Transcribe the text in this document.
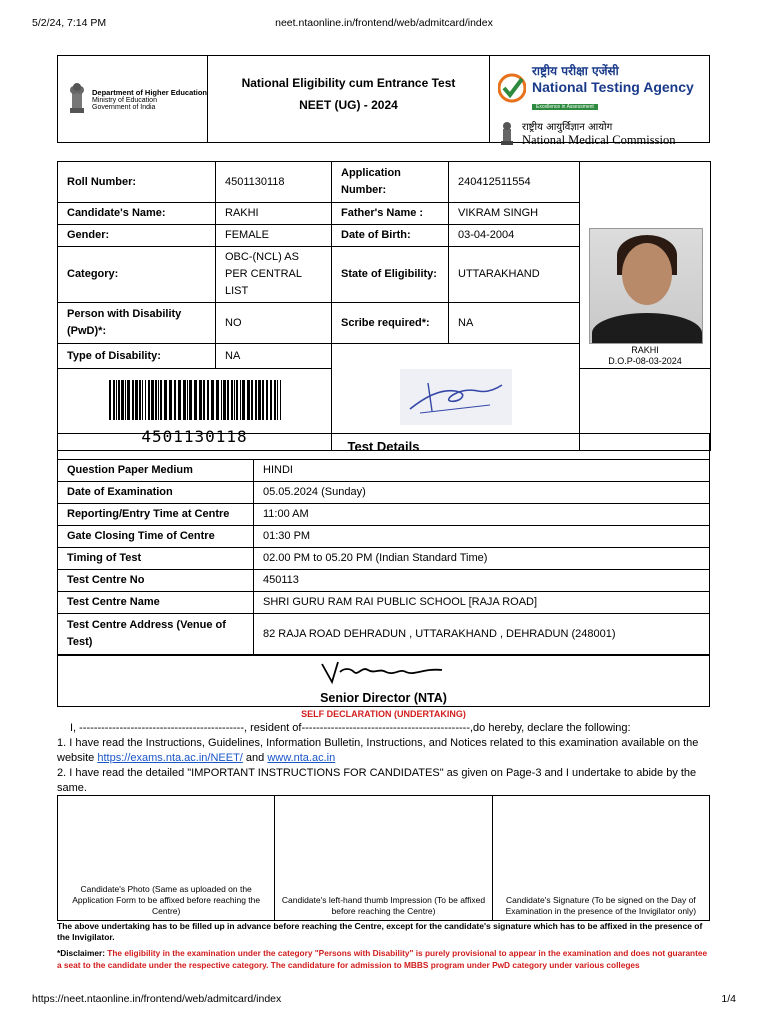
5/2/24, 7:14 PM	neet.ntaonline.in/frontend/web/admitcard/index
Department of Higher Education
Ministry of Education
Government of India
National Eligibility cum Entrance Test
NEET (UG) - 2024
राष्ट्रीय परीक्षा एजेंसी
National Testing Agency
Excellence in Assessment
राष्ट्रीय आयुर्विज्ञान आयोग
National Medical Commission
Roll Number:	4501130118	Application Number:	240412511554	RAKHI
D.O.P-08-03-2024	

Candidate's Name:	RAKHI	Father's Name :	VIKRAM SINGH		
Gender:	FEMALE	Date of Birth:	03-04-2004		
Category:	OBC-(NCL) AS PER CENTRAL LIST	State of Eligibility:	UTTARAKHAND		
Person with Disability (PwD)*:	NO	Scribe required*:	NA		
Type of Disability:	NA	

4501130118					

Test Details
Question Paper Medium	HINDI
Date of Examination	05.05.2024 (Sunday)
Reporting/Entry Time at Centre	11:00 AM
Gate Closing Time of Centre	01:30 PM
Timing of Test	02.00 PM to 05.20 PM (Indian Standard Time)
Test Centre No	450113
Test Centre Name	SHRI GURU RAM RAI PUBLIC SCHOOL [RAJA ROAD]
Test Centre Address (Venue of Test)	82 RAJA ROAD DEHRADUN , UTTARAKHAND , DEHRADUN (248001)
Senior Director (NTA)
SELF DECLARATION (UNDERTAKING)
I, ---------------------------------------------, resident of----------------------------------------------,do hereby, declare the following:
1. I have read the Instructions, Guidelines, Information Bulletin, Instructions, and Notices related to this examination available on the website https://exams.nta.ac.in/NEET/ and www.nta.ac.in
2. I have read the detailed "IMPORTANT INSTRUCTIONS FOR CANDIDATES" as given on Page-3 and I undertake to abide by the same.
Candidate's Photo (Same as uploaded on the Application Form to be affixed before reaching the Centre)
Candidate's left-hand thumb Impression (To be affixed before reaching the Centre)
Candidate's Signature (To be signed on the Day of Examination in the presence of the Invigilator only)
The above undertaking has to be filled up in advance before reaching the Centre, except for the candidate's signature which has to be affixed in the presence of the Invigilator.
*Disclaimer: The eligibility in the examination under the category "Persons with Disability" is purely provisional to appear in the examination and does not guarantee a seat to the candidate under the respective category. The candidature for admission to MBBS program under PwD category under various colleges
https://neet.ntaonline.in/frontend/web/admitcard/index	1/4
